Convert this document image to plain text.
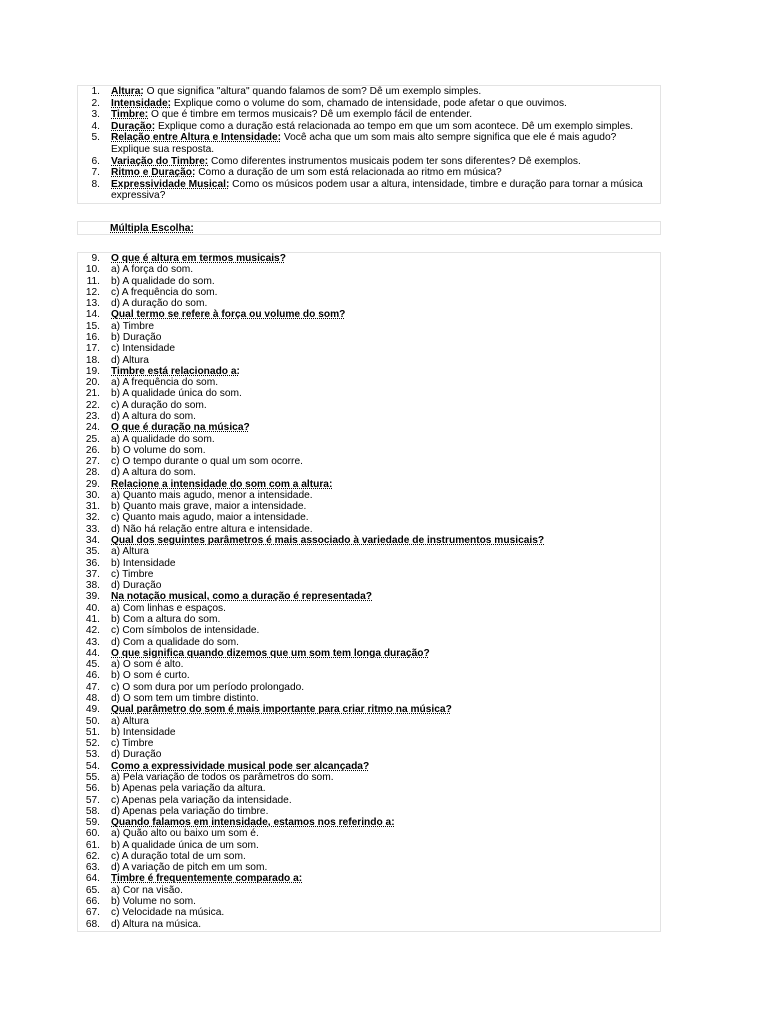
1.	Altura: O que significa "altura" quando falamos de som? Dê um exemplo simples.
2.	Intensidade: Explique como o volume do som, chamado de intensidade, pode afetar o que ouvimos.
3.	Timbre: O que é timbre em termos musicais? Dê um exemplo fácil de entender.
4.	Duração: Explique como a duração está relacionada ao tempo em que um som acontece. Dê um exemplo simples.
5.	Relação entre Altura e Intensidade: Você acha que um som mais alto sempre significa que ele é mais agudo?
Explique sua resposta.
6.	Variação do Timbre: Como diferentes instrumentos musicais podem ter sons diferentes? Dê exemplos.
7.	Ritmo e Duração: Como a duração de um som está relacionada ao ritmo em música?
8.	Expressividade Musical: Como os músicos podem usar a altura, intensidade, timbre e duração para tornar a música
expressiva?
Múltipla Escolha:
9.	O que é altura em termos musicais?
10.	a) A força do som.
11.	b) A qualidade do som.
12.	c) A frequência do som.
13.	d) A duração do som.
14.	Qual termo se refere à força ou volume do som?
15.	a) Timbre
16.	b) Duração
17.	c) Intensidade
18.	d) Altura
19.	Timbre está relacionado a:
20.	a) A frequência do som.
21.	b) A qualidade única do som.
22.	c) A duração do som.
23.	d) A altura do som.
24.	O que é duração na música?
25.	a) A qualidade do som.
26.	b) O volume do som.
27.	c) O tempo durante o qual um som ocorre.
28.	d) A altura do som.
29.	Relacione a intensidade do som com a altura:
30.	a) Quanto mais agudo, menor a intensidade.
31.	b) Quanto mais grave, maior a intensidade.
32.	c) Quanto mais agudo, maior a intensidade.
33.	d) Não há relação entre altura e intensidade.
34.	Qual dos seguintes parâmetros é mais associado à variedade de instrumentos musicais?
35.	a) Altura
36.	b) Intensidade
37.	c) Timbre
38.	d) Duração
39.	Na notação musical, como a duração é representada?
40.	a) Com linhas e espaços.
41.	b) Com a altura do som.
42.	c) Com símbolos de intensidade.
43.	d) Com a qualidade do som.
44.	O que significa quando dizemos que um som tem longa duração?
45.	a) O som é alto.
46.	b) O som é curto.
47.	c) O som dura por um período prolongado.
48.	d) O som tem um timbre distinto.
49.	Qual parâmetro do som é mais importante para criar ritmo na música?
50.	a) Altura
51.	b) Intensidade
52.	c) Timbre
53.	d) Duração
54.	Como a expressividade musical pode ser alcançada?
55.	a) Pela variação de todos os parâmetros do som.
56.	b) Apenas pela variação da altura.
57.	c) Apenas pela variação da intensidade.
58.	d) Apenas pela variação do timbre.
59.	Quando falamos em intensidade, estamos nos referindo a:
60.	a) Quão alto ou baixo um som é.
61.	b) A qualidade única de um som.
62.	c) A duração total de um som.
63.	d) A variação de pitch em um som.
64.	Timbre é frequentemente comparado a:
65.	a) Cor na visão.
66.	b) Volume no som.
67.	c) Velocidade na música.
68.	d) Altura na música.
